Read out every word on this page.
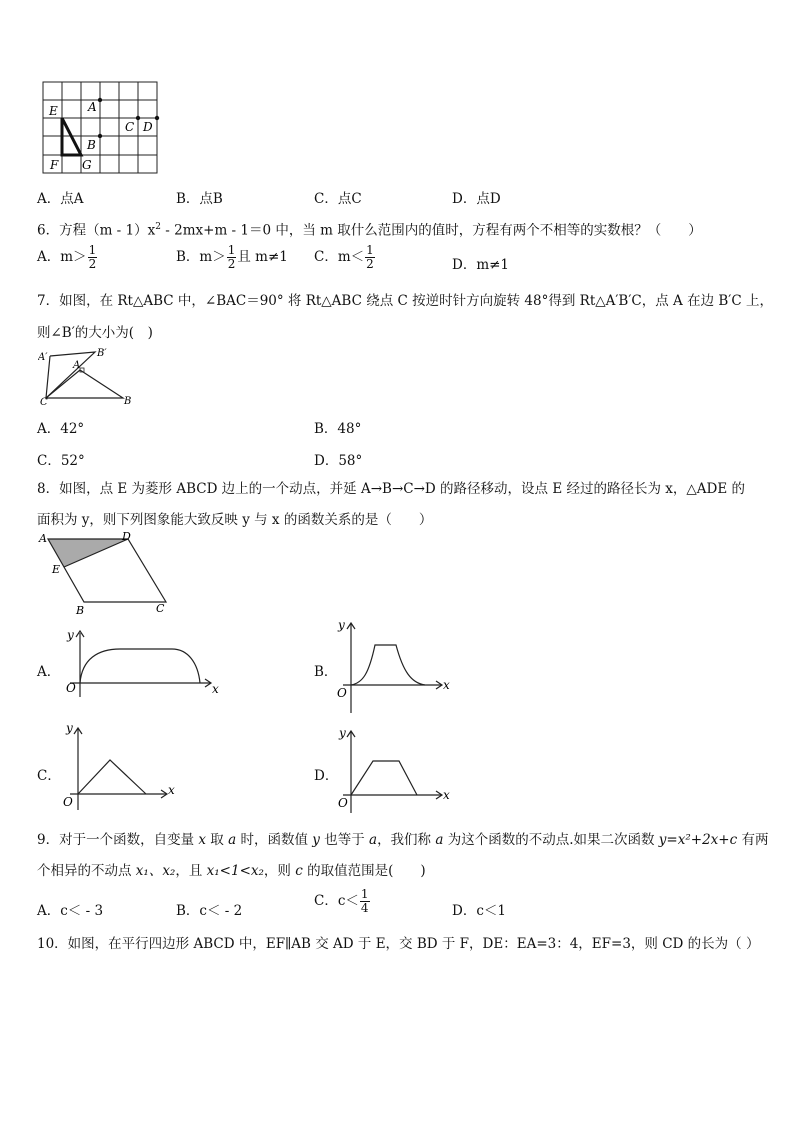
E	A
C D
B
F G
A．点A	B．点B	C．点C	D．点D
6．方程$(m - 1)x^2 - 2mx+m - 1=0$ 中，当 m 取什么范围内的值时，方程有两个不相等的实数根？（　　）
A．$m> \frac{1}{2}$	B．$m> \frac{1}{2}$ 且 m≠1 C．$m< \frac{1}{2}$	D．m≠1
7．如图，在 Rt△ABC 中，∠BAC＝90° 将 Rt△ABC 绕点 C 按逆时针方向旋转 48°得到 Rt△A′B′C，点 A 在边 B′C 上，
则∠B′的大小为(　)
A′	B′
A
C	B
A．42°	B．48°
C．52°	D．58°
8．如图，点 E 为菱形 ABCD 边上的一个动点，并延 A→B→C→D 的路径移动，设点 E 经过的路径长为 x，△ADE 的
面积为 y，则下列图象能大致反映 y 与 x 的函数关系的是（　　）
A	D
E
B	C
A．
y
x
O
B．
y
x
O
C．
y
x
O
D．
y
x
O
9．对于一个函数，自变量 x 取 a 时，函数值 y 也等于 a，我们称 a 为这个函数的不动点.如果二次函数 y=x²+2x+c 有两
个相异的不动点 x₁、x₂，且 x₁<1<x₂，则 c 的取值范围是(　　)
A．c＜ - 3	B．c＜ - 2
C．$c< \frac{1}{4}$	D．c＜1
10．如图，在平行四边形 ABCD 中，EF∥AB 交 AD 于 E，交 BD 于 F，DE：EA=3：4，EF=3，则 CD 的长为（ ）
